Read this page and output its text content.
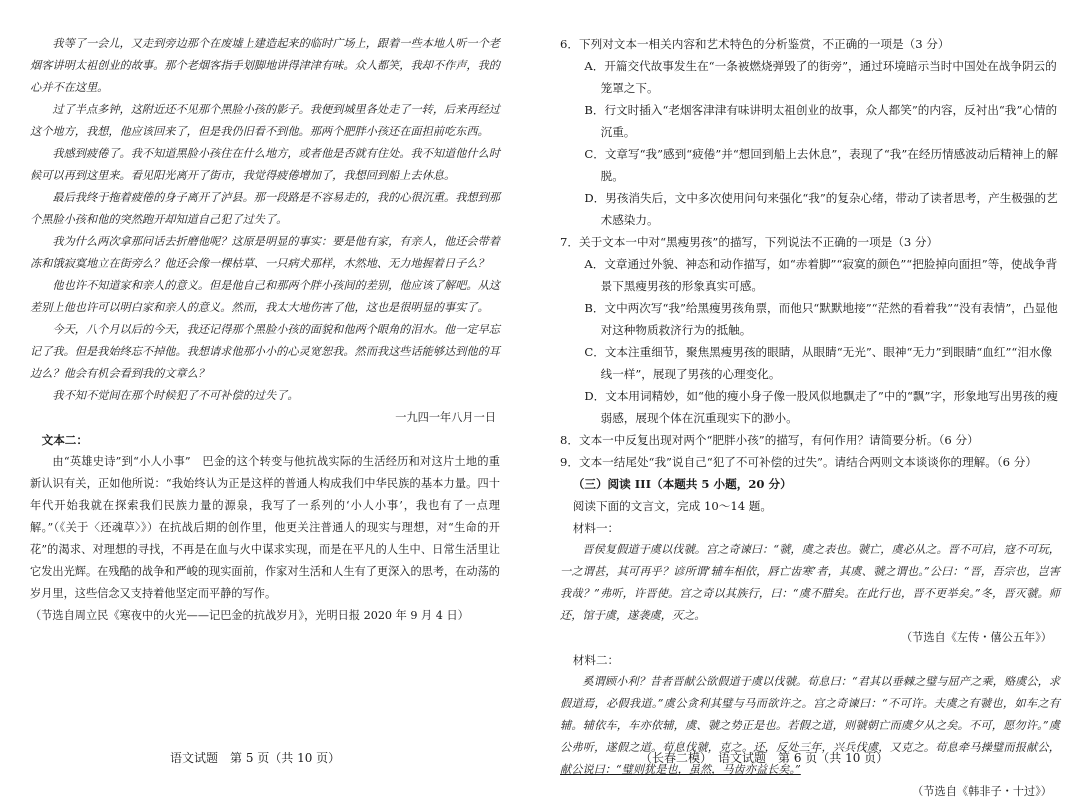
我等了一会儿，又走到旁边那个在废墟上建造起来的临时广场上，跟着一些本地人听一个老烟客讲明太祖创业的故事。那个老烟客指手划脚地讲得津津有味。众人都笑，我却不作声，我的心并不在这里。

过了半点多钟，这附近还不见那个黑脸小孩的影子。我便到城里各处走了一转，后来再经过这个地方，我想，他应该回来了，但是我仍旧看不到他。那两个肥胖小孩还在面担前吃东西。

我感到疲倦了。我不知道黑脸小孩住在什么地方，或者他是否就有住处。我不知道他什么时候可以再到这里来。看见阳光离开了街市，我觉得疲倦增加了，我想回到船上去休息。

最后我终于拖着疲倦的身子离开了泸县。那一段路是不容易走的，我的心很沉重。我想到那个黑脸小孩和他的突然跑开却知道自己犯了过失了。

我为什么两次拿那问话去折磨他呢？这原是明显的事实：要是他有家，有亲人，他还会带着冻和饿寂寞地立在街旁么？他还会像一棵枯草、一只病犬那样，木然地、无力地握着日子么？

他也许不知道家和亲人的意义。但是他自己和那两个胖小孩间的差别，他应该了解吧。从这差别上他也许可以明白家和亲人的意义。然而，我太大地伤害了他，这也是很明显的事实了。

今天，八个月以后的今天，我还记得那个黑脸小孩的面貌和他两个眼角的泪水。他一定早忘记了我。但是我始终忘不掉他。我想请求他那小小的心灵宽恕我。然而我这些话能够达到他的耳边么？他会有机会看到我的文章么？

我不知不觉间在那个时候犯了不可补偿的过失了。

一九四一年八月一日

文本二：

由“英雄史诗”到“小人小事”　巴金的这个转变与他抗战实际的生活经历和对这片土地的重新认识有关，正如他所说：“我始终认为正是这样的普通人构成我们中华民族的基本力量。四十年代开始我就在探索我们民族力量的源泉，我写了一系列的‘小人小事’，我也有了一点理解。”（《关于〈还魂草〉》）在抗战后期的创作里，他更关注普通人的现实与理想，对“生命的开花”的渴求、对理想的寻找，不再是在血与火中谋求实现，而是在平凡的人生中、日常生活里让它发出光辉。在残酷的战争和严峻的现实面前，作家对生活和人生有了更深入的思考，在动荡的岁月里，这些信念又支持着他坚定而平静的写作。

（节选自周立民《寒夜中的火光——记巴金的抗战岁月》，光明日报 2020 年 9 月 4 日）

语文试题　第 5 页（共 10 页）

6．下列对文本一相关内容和艺术特色的分析鉴赏，不正确的一项是（3 分）

A．开篇交代故事发生在“一条被燃烧弹毁了的街旁”，通过环境暗示当时中国处在战争阴云的笼罩之下。

B．行文时插入“老烟客津津有味讲明太祖创业的故事，众人都笑”的内容，反衬出“我”心情的沉重。

C．文章写“我”感到“疲倦”并“想回到船上去休息”，表现了“我”在经历情感波动后精神上的解脱。

D．男孩消失后，文中多次使用问句来强化“我”的复杂心绪，带动了读者思考，产生极强的艺术感染力。

7．关于文本一中对“黑瘦男孩”的描写，下列说法不正确的一项是（3 分）

A．文章通过外貌、神态和动作描写，如“赤着脚”“寂寞的颜色”“把脸掉向面担”等，使战争背景下黑瘦男孩的形象真实可感。

B．文中两次写“我”给黑瘦男孩角票，而他只“默默地接”“茫然的看着我”“没有表情”，凸显他对这种物质救济行为的抵触。

C．文本注重细节，聚焦黑瘦男孩的眼睛，从眼睛“无光”、眼神“无力”到眼睛“血红”“泪水像线一样”，展现了男孩的心理变化。

D．文本用词精妙，如“他的瘦小身子像一股风似地飘走了”中的“飘”字，形象地写出男孩的瘦弱感，展现个体在沉重现实下的渺小。

8．文本一中反复出现对两个“肥胖小孩”的描写，有何作用？请简要分析。（6 分）

9．文本一结尾处“我”说自己“犯了不可补偿的过失”。请结合两则文本谈谈你的理解。（6 分）

（三）阅读 III（本题共 5 小题，20 分）

阅读下面的文言文，完成 10～14 题。

材料一：

晋侯复假道于虞以伐虢。宫之奇谏曰：“虢，虞之表也。虢亡，虞必从之。晋不可启，寇不可玩，一之谓甚，其可再乎？谚所谓‘辅车相依，唇亡齿寒’者，其虞、虢之谓也。”公曰：“晋，吾宗也，岂害我哉？”弗听，许晋使。宫之奇以其族行，曰：“虞不腊矣。在此行也，晋不更举矣。”冬，晋灭虢。师还，馆于虞，遂袭虞，灭之。

（节选自《左传・僖公五年》）

材料二：

奚谓顾小利？昔者晋献公欲假道于虞以伐虢。荀息曰：“君其以垂棘之璧与屈产之乘，赂虞公，求假道焉，必假我道。”虞公贪利其璧与马而欲许之。宫之奇谏曰：“不可许。夫虞之有虢也，如车之有辅。辅依车，车亦依辅，虞、虢之势正是也。若假之道，则虢朝亡而虞夕从之矣。不可，愿勿许。”虞公弗听，遂假之道。荀息伐虢，克之。还，反处三年，兴兵伐虞，又克之。荀息牵马操璧而报献公，献公说曰：“璧则犹是也，虽然，马齿亦益长矣。”

（节选自《韩非子・十过》）

（长春二模）　语文试题　第 6 页（共 10 页）
